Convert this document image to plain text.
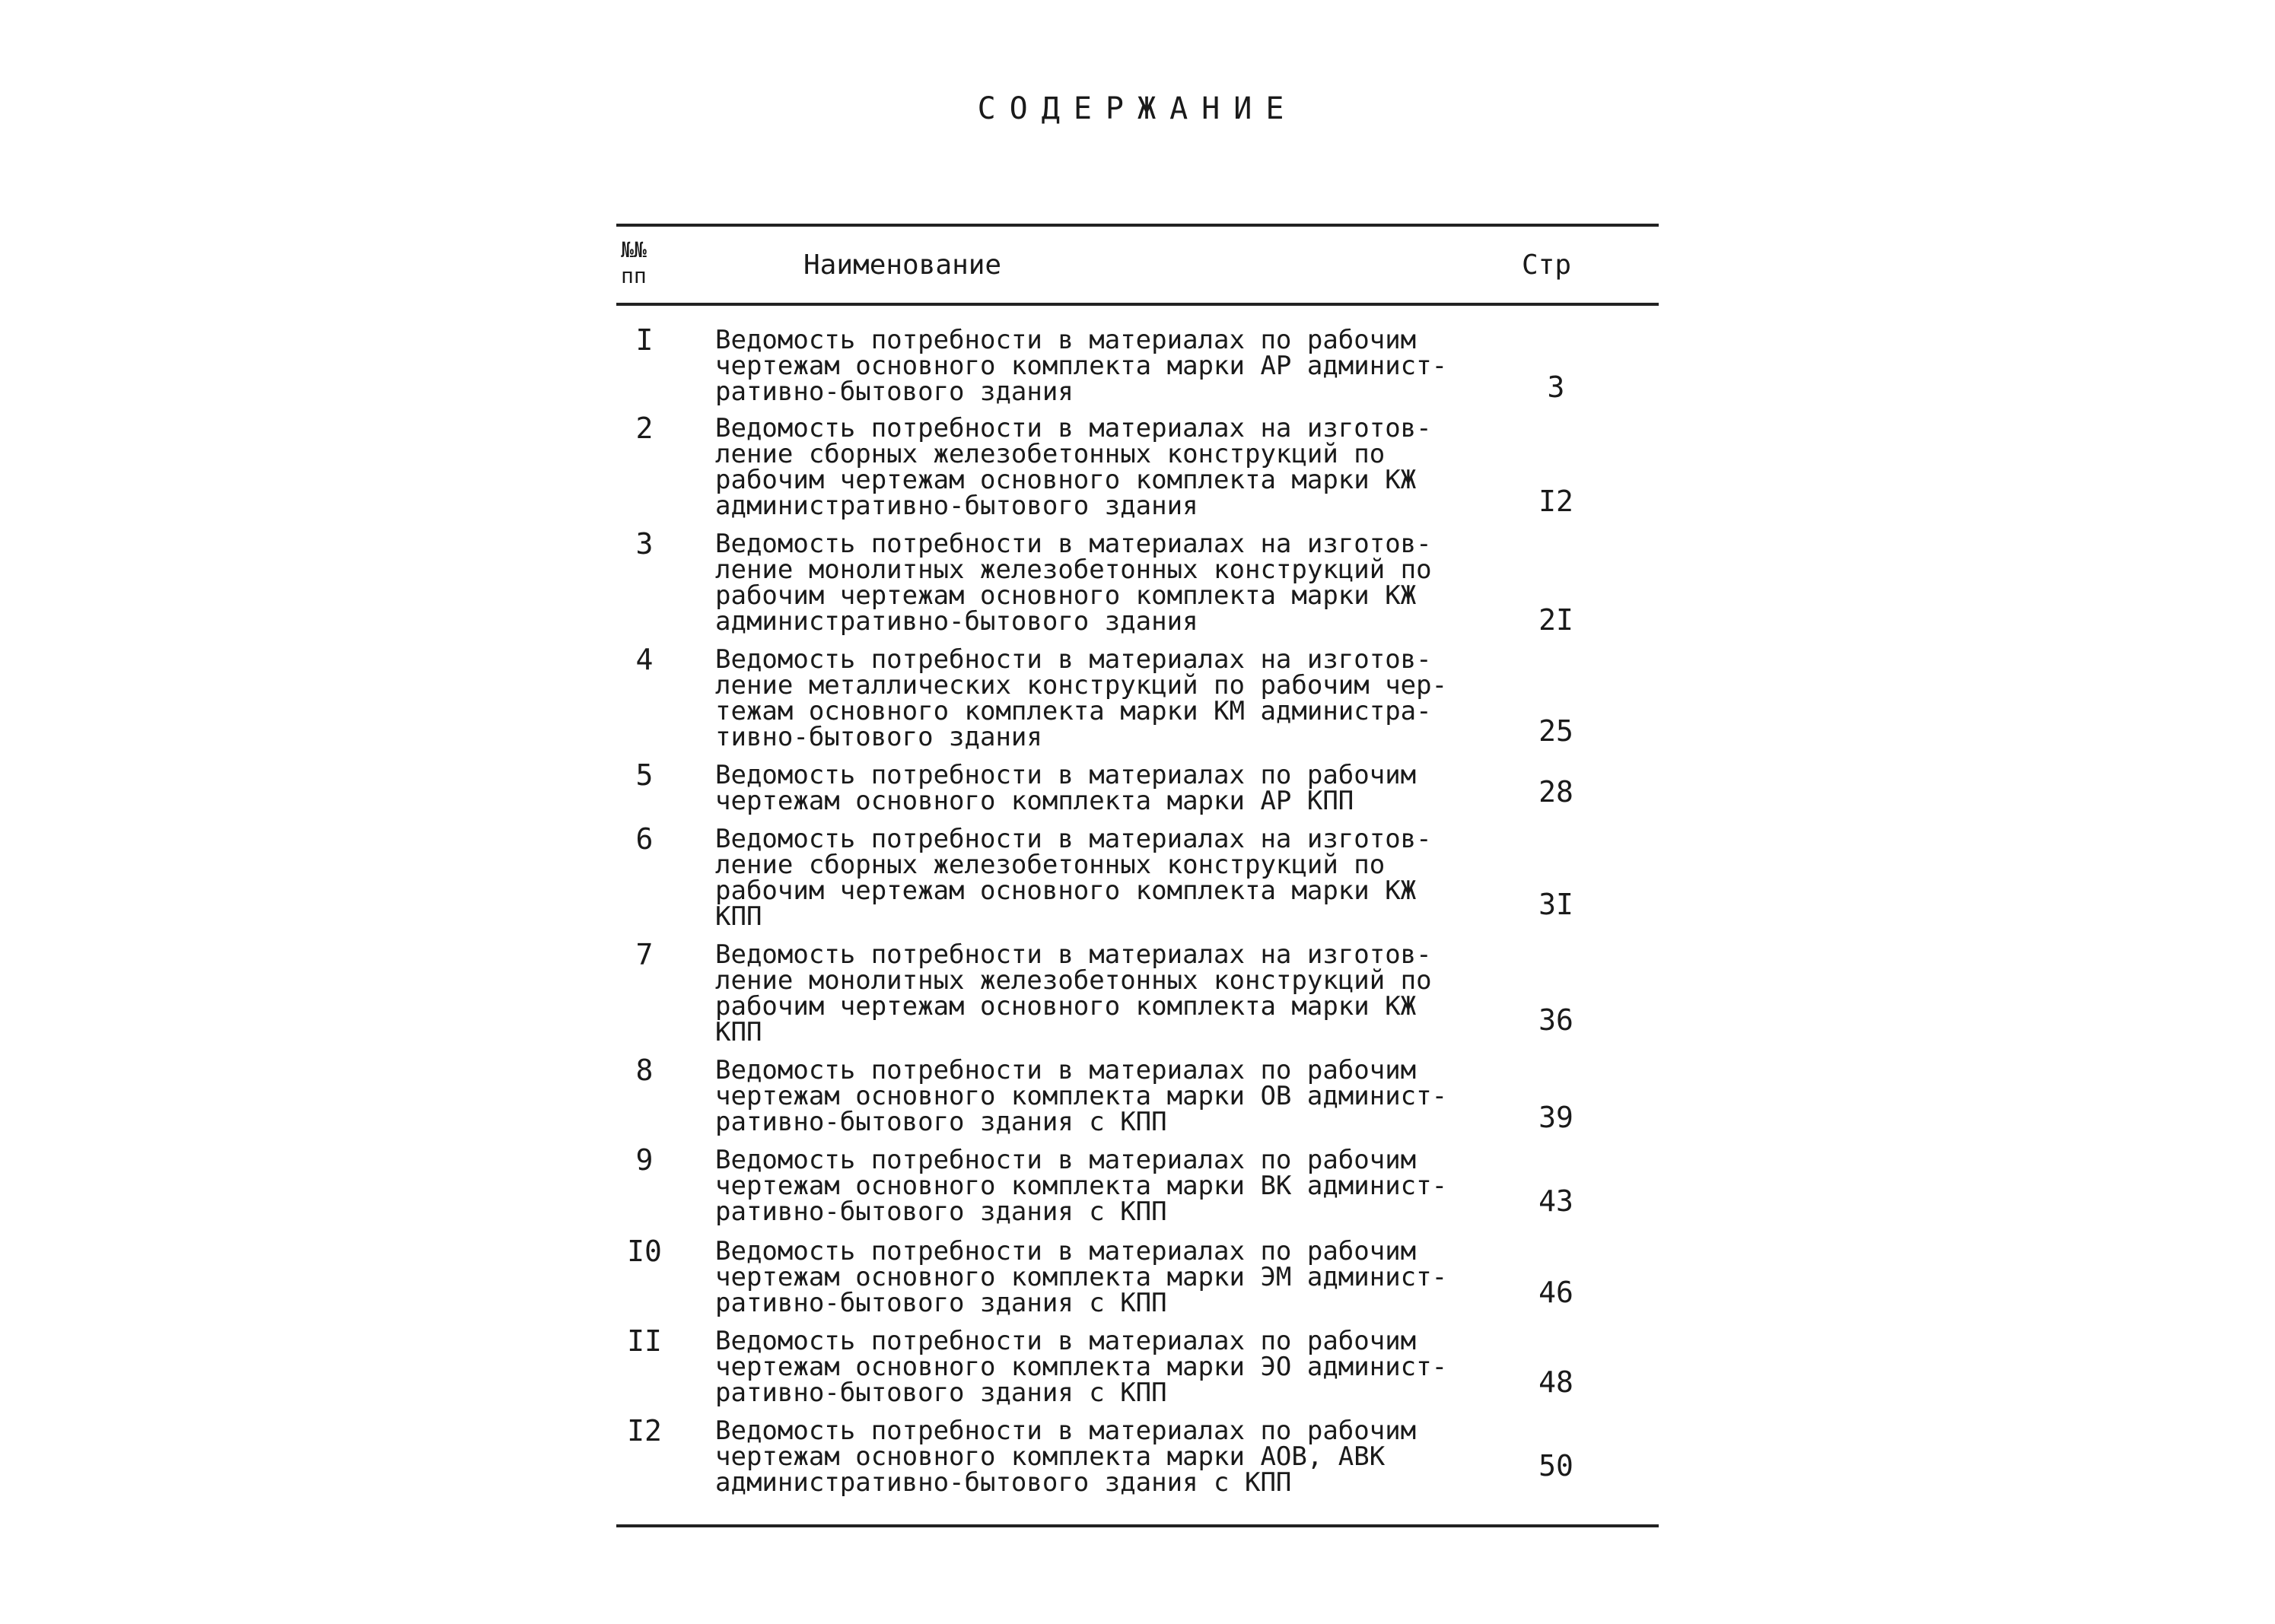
СОДЕРЖАНИЕ
№№
пп	Наименование	Стр
I	Ведомость потребности в материалах по рабочим
чертежам основного комплекта марки АР админист-
ративно-бытового здания	3
2	Ведомость потребности в материалах на изготов-
ление сборных железобетонных конструкций по
рабочим чертежам основного комплекта марки КЖ
административно-бытового здания	I2
3	Ведомость потребности в материалах на изготов-
ление монолитных железобетонных конструкций по
рабочим чертежам основного комплекта марки КЖ
административно-бытового здания	2I
4	Ведомость потребности в материалах на изготов-
ление металлических конструкций по рабочим чер-
тежам основного комплекта марки КМ администра-
тивно-бытового здания	25
5	Ведомость потребности в материалах по рабочим
чертежам основного комплекта марки АР КПП	28
6	Ведомость потребности в материалах на изготов-
ление сборных железобетонных конструкций по
рабочим чертежам основного комплекта марки КЖ
КПП	3I
7	Ведомость потребности в материалах на изготов-
ление монолитных железобетонных конструкций по
рабочим чертежам основного комплекта марки КЖ
КПП	36
8	Ведомость потребности в материалах по рабочим
чертежам основного комплекта марки ОВ админист-
ративно-бытового здания с КПП	39
9	Ведомость потребности в материалах по рабочим
чертежам основного комплекта марки ВК админист-
ративно-бытового здания с КПП	43
I0	Ведомость потребности в материалах по рабочим
чертежам основного комплекта марки ЭМ админист-
ративно-бытового здания с КПП	46
II	Ведомость потребности в материалах по рабочим
чертежам основного комплекта марки ЭО админист-
ративно-бытового здания с КПП	48
I2	Ведомость потребности в материалах по рабочим
чертежам основного комплекта марки АОВ, АВК
административно-бытового здания с КПП	50
